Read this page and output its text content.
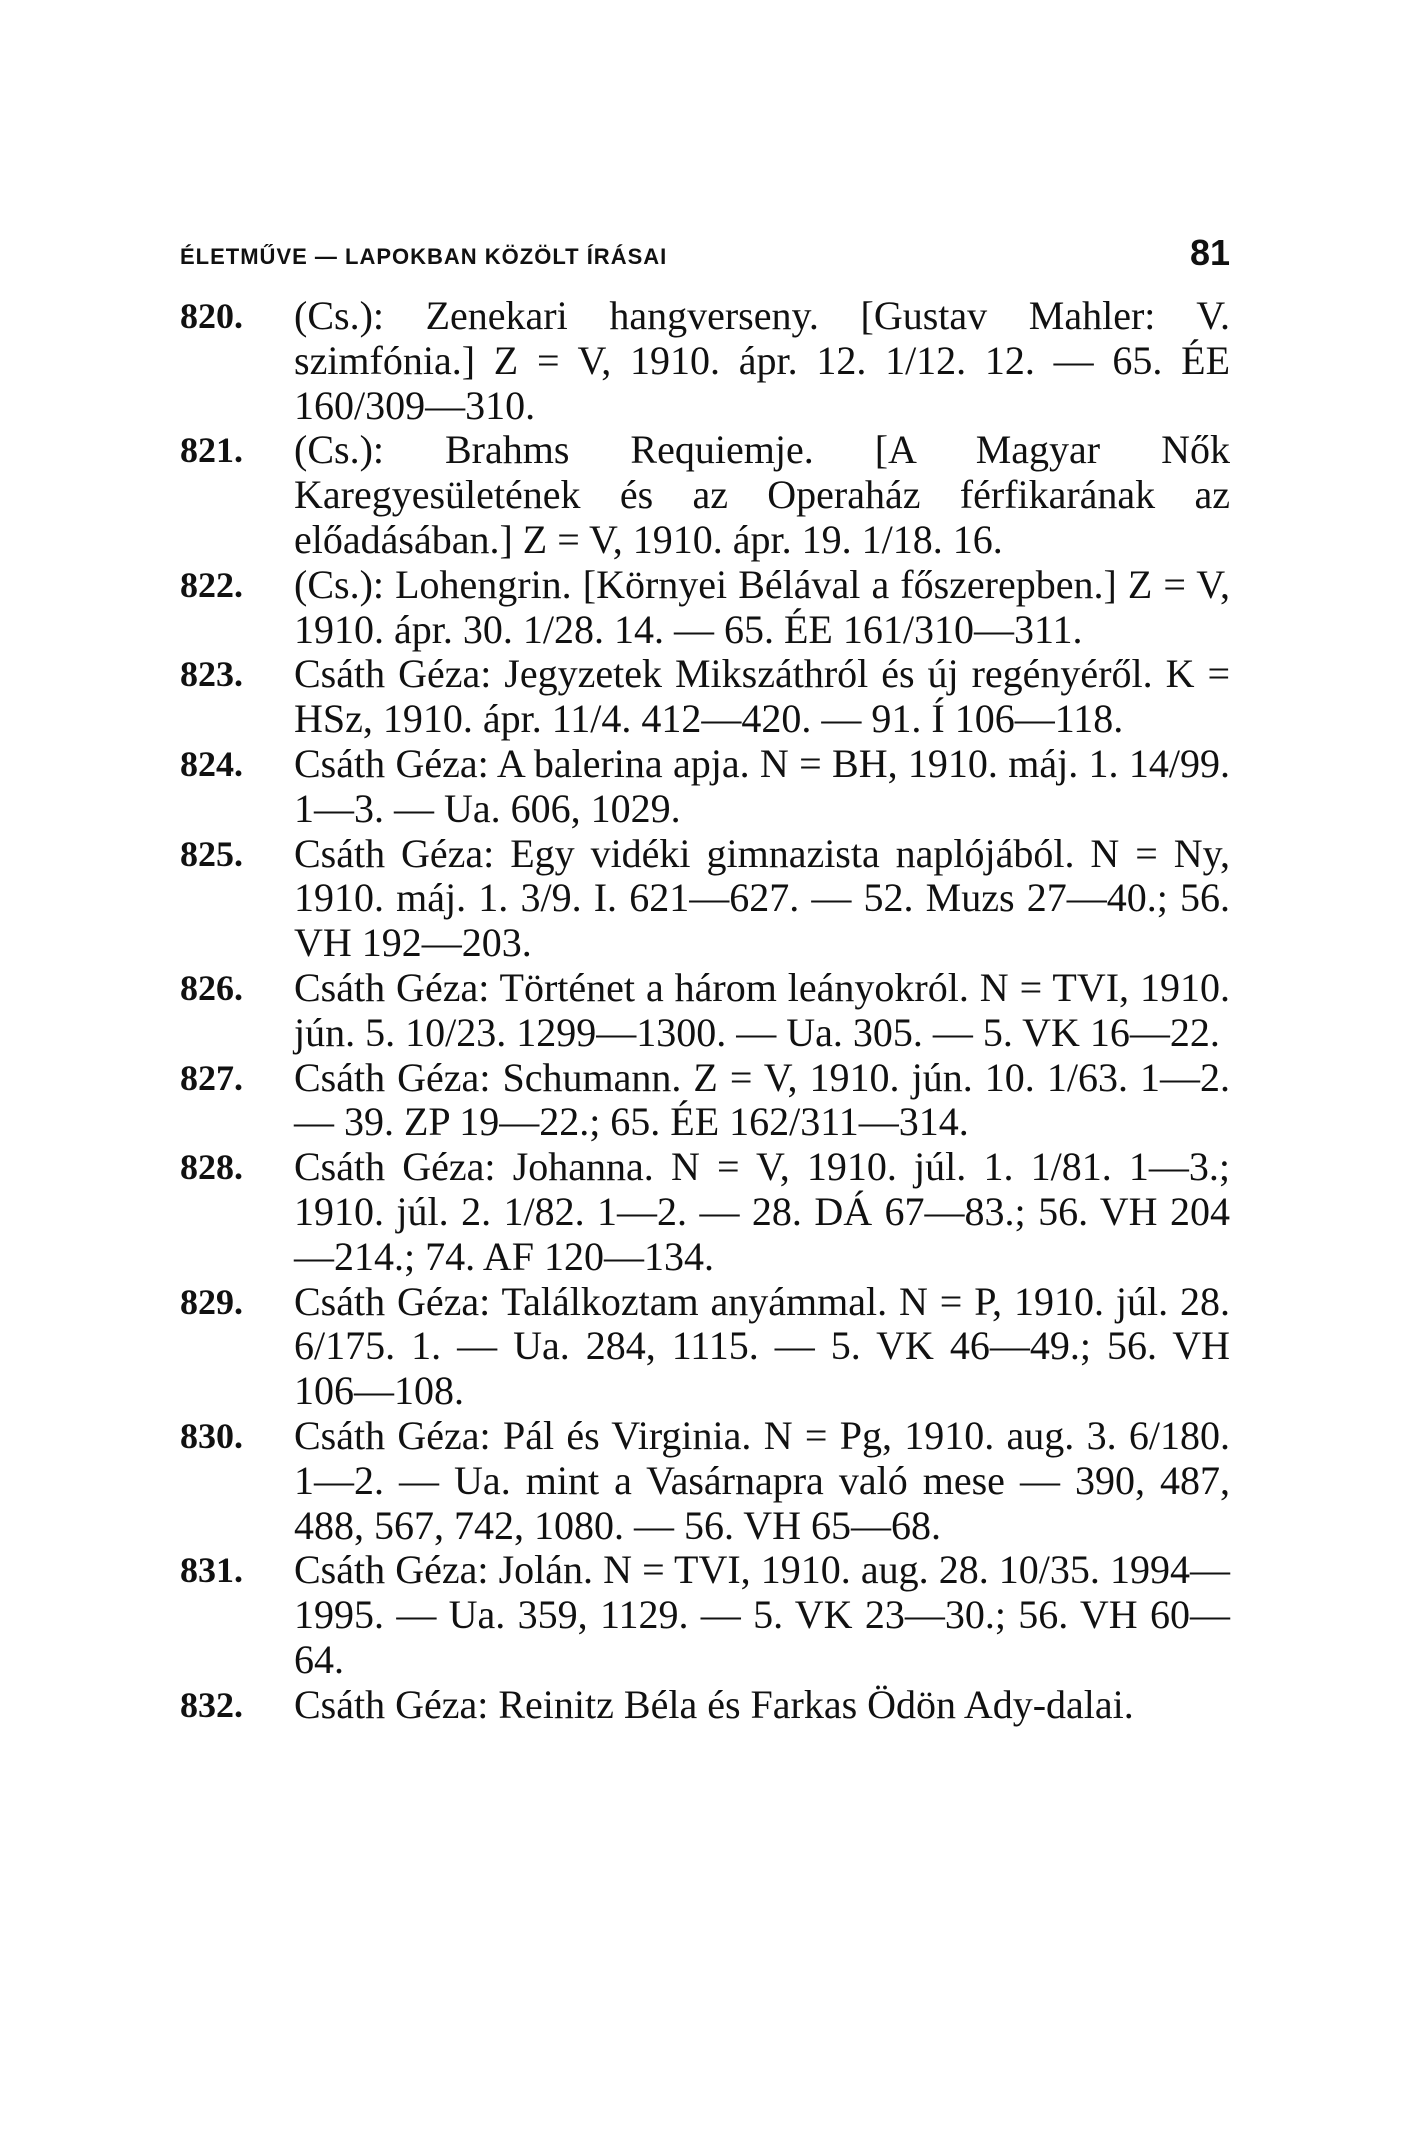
ÉLETMŰVE — LAPOKBAN KÖZÖLT ÍRÁSAI	81

820. (Cs.): Zenekari hangverseny. [Gustav Mahler: V. szimfónia.] Z = V, 1910. ápr. 12. 1/12. 12. — 65. ÉE 160/309—310.

821. (Cs.): Brahms Requiemje. [A Magyar Nők Karegyesületének és az Operaház férfikarának az előadásában.] Z = V, 1910. ápr. 19. 1/18. 16.

822. (Cs.): Lohengrin. [Környei Bélával a főszerepben.] Z = V, 1910. ápr. 30. 1/28. 14. — 65. ÉE 161/310—311.

823. Csáth Géza: Jegyzetek Mikszáthról és új regényéről. K = HSz, 1910. ápr. 11/4. 412—420. — 91. Í 106—118.

824. Csáth Géza: A balerina apja. N = BH, 1910. máj. 1. 14/99. 1—3. — Ua. 606, 1029.

825. Csáth Géza: Egy vidéki gimnazista naplójából. N = Ny, 1910. máj. 1. 3/9. I. 621—627. — 52. Muzs 27—40.; 56. VH 192—203.

826. Csáth Géza: Történet a három leányokról. N = TVI, 1910. jún. 5. 10/23. 1299—1300. — Ua. 305. — 5. VK 16—22.

827. Csáth Géza: Schumann. Z = V, 1910. jún. 10. 1/63. 1—2. — 39. ZP 19—22.; 65. ÉE 162/311—314.

828. Csáth Géza: Johanna. N = V, 1910. júl. 1. 1/81. 1—3.; 1910. júl. 2. 1/82. 1—2. — 28. DÁ 67—83.; 56. VH 204—214.; 74. AF 120—134.

829. Csáth Géza: Találkoztam anyámmal. N = P, 1910. júl. 28. 6/175. 1. — Ua. 284, 1115. — 5. VK 46—49.; 56. VH 106—108.

830. Csáth Géza: Pál és Virginia. N = Pg, 1910. aug. 3. 6/180. 1—2. — Ua. mint a Vasárnapra való mese — 390, 487, 488, 567, 742, 1080. — 56. VH 65—68.

831. Csáth Géza: Jolán. N = TVI, 1910. aug. 28. 10/35. 1994—1995. — Ua. 359, 1129. — 5. VK 23—30.; 56. VH 60—64.

832. Csáth Géza: Reinitz Béla és Farkas Ödön Ady-dalai.
